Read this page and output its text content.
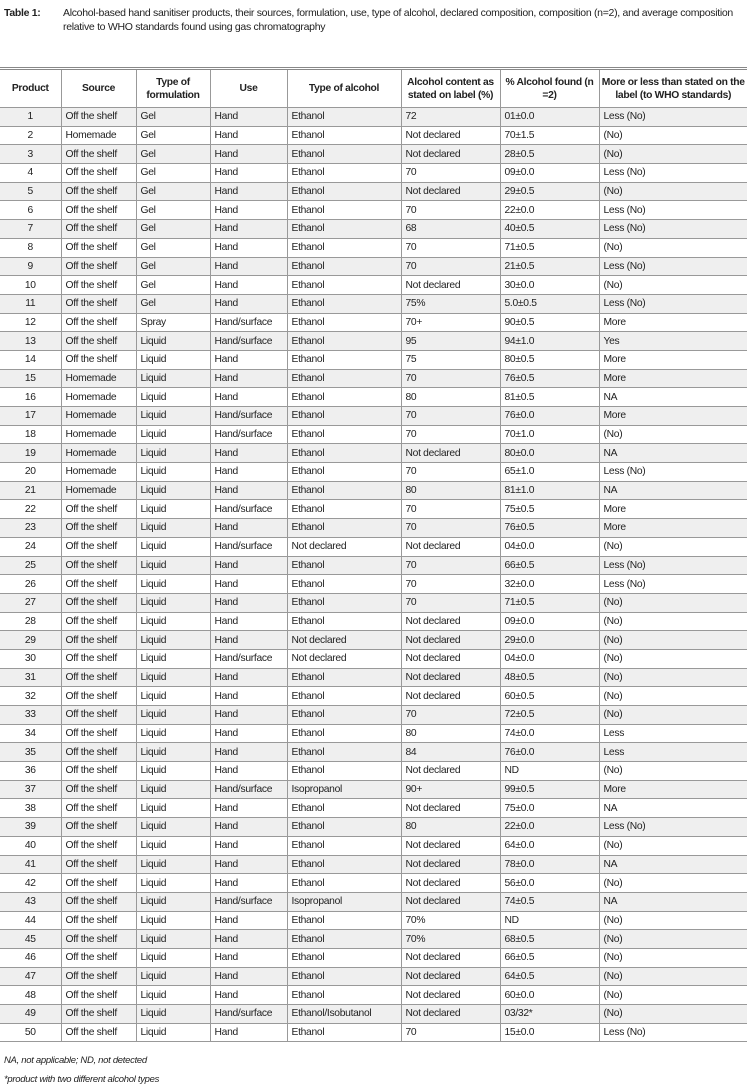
Table 1:	Alcohol-based hand sanitiser products, their sources, formulation, use, type of alcohol, declared composition, composition (n=2), and average composition relative to WHO standards found using gas chromatography
Product	Source	Type of formulation	Use	Type of alcohol	Alcohol content as stated on label (%)	% Alcohol found (n =2)	More or less than stated on the label (to WHO standards)
1	Off the shelf	Gel	Hand	Ethanol	72	01±0.0	Less (No)
2	Homemade	Gel	Hand	Ethanol	Not declared	70±1.5	(No)
3	Off the shelf	Gel	Hand	Ethanol	Not declared	28±0.5	(No)
4	Off the shelf	Gel	Hand	Ethanol	70	09±0.0	Less (No)
5	Off the shelf	Gel	Hand	Ethanol	Not declared	29±0.5	(No)
6	Off the shelf	Gel	Hand	Ethanol	70	22±0.0	Less (No)
7	Off the shelf	Gel	Hand	Ethanol	68	40±0.5	Less (No)
8	Off the shelf	Gel	Hand	Ethanol	70	71±0.5	(No)
9	Off the shelf	Gel	Hand	Ethanol	70	21±0.5	Less (No)
10	Off the shelf	Gel	Hand	Ethanol	Not declared	30±0.0	(No)
11	Off the shelf	Gel	Hand	Ethanol	75%	5.0±0.5	Less (No)
12	Off the shelf	Spray	Hand/surface	Ethanol	70+	90±0.5	More
13	Off the shelf	Liquid	Hand/surface	Ethanol	95	94±1.0	Yes
14	Off the shelf	Liquid	Hand	Ethanol	75	80±0.5	More
15	Homemade	Liquid	Hand	Ethanol	70	76±0.5	More
16	Homemade	Liquid	Hand	Ethanol	80	81±0.5	NA
17	Homemade	Liquid	Hand/surface	Ethanol	70	76±0.0	More
18	Homemade	Liquid	Hand/surface	Ethanol	70	70±1.0	(No)
19	Homemade	Liquid	Hand	Ethanol	Not declared	80±0.0	NA
20	Homemade	Liquid	Hand	Ethanol	70	65±1.0	Less (No)
21	Homemade	Liquid	Hand	Ethanol	80	81±1.0	NA
22	Off the shelf	Liquid	Hand/surface	Ethanol	70	75±0.5	More
23	Off the shelf	Liquid	Hand	Ethanol	70	76±0.5	More
24	Off the shelf	Liquid	Hand/surface	Not declared	Not declared	04±0.0	(No)
25	Off the shelf	Liquid	Hand	Ethanol	70	66±0.5	Less (No)
26	Off the shelf	Liquid	Hand	Ethanol	70	32±0.0	Less (No)
27	Off the shelf	Liquid	Hand	Ethanol	70	71±0.5	(No)
28	Off the shelf	Liquid	Hand	Ethanol	Not declared	09±0.0	(No)
29	Off the shelf	Liquid	Hand	Not declared	Not declared	29±0.0	(No)
30	Off the shelf	Liquid	Hand/surface	Not declared	Not declared	04±0.0	(No)
31	Off the shelf	Liquid	Hand	Ethanol	Not declared	48±0.5	(No)
32	Off the shelf	Liquid	Hand	Ethanol	Not declared	60±0.5	(No)
33	Off the shelf	Liquid	Hand	Ethanol	70	72±0.5	(No)
34	Off the shelf	Liquid	Hand	Ethanol	80	74±0.0	Less
35	Off the shelf	Liquid	Hand	Ethanol	84	76±0.0	Less
36	Off the shelf	Liquid	Hand	Ethanol	Not declared	ND	(No)
37	Off the shelf	Liquid	Hand/surface	Isopropanol	90+	99±0.5	More
38	Off the shelf	Liquid	Hand	Ethanol	Not declared	75±0.0	NA
39	Off the shelf	Liquid	Hand	Ethanol	80	22±0.0	Less (No)
40	Off the shelf	Liquid	Hand	Ethanol	Not declared	64±0.0	(No)
41	Off the shelf	Liquid	Hand	Ethanol	Not declared	78±0.0	NA
42	Off the shelf	Liquid	Hand	Ethanol	Not declared	56±0.0	(No)
43	Off the shelf	Liquid	Hand/surface	Isopropanol	Not declared	74±0.5	NA
44	Off the shelf	Liquid	Hand	Ethanol	70%	ND	(No)
45	Off the shelf	Liquid	Hand	Ethanol	70%	68±0.5	(No)
46	Off the shelf	Liquid	Hand	Ethanol	Not declared	66±0.5	(No)
47	Off the shelf	Liquid	Hand	Ethanol	Not declared	64±0.5	(No)
48	Off the shelf	Liquid	Hand	Ethanol	Not declared	60±0.0	(No)
49	Off the shelf	Liquid	Hand/surface	Ethanol/Isobutanol	Not declared	03/32*	(No)
50	Off the shelf	Liquid	Hand	Ethanol	70	15±0.0	Less (No)
NA, not applicable; ND, not detected
*product with two different alcohol types
